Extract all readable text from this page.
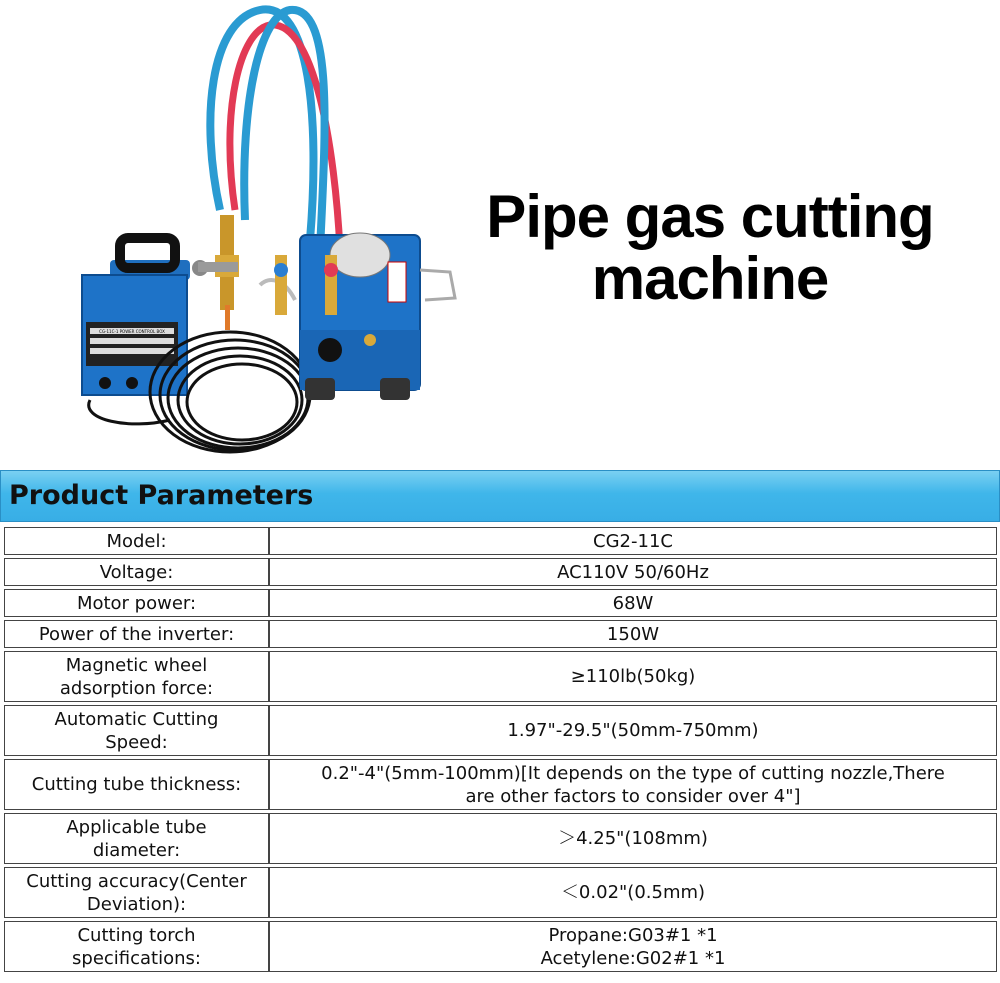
CG-11C-1 POWER CONTROL BOX
Pipe gas cutting
machine
Product Parameters
Model:	CG2-11C
Voltage:	AC110V 50/60Hz
Motor power:	68W
Power of the inverter:	150W
Magnetic wheel
adsorption force:	≥110lb(50kg)
Automatic Cutting
Speed:	1.97"-29.5"(50mm-750mm)
Cutting tube thickness:	0.2"-4"(5mm-100mm)[It depends on the type of cutting nozzle,There
are other factors to consider over 4"]
Applicable tube
diameter:	＞4.25"(108mm)
Cutting accuracy(Center
Deviation):	＜0.02"(0.5mm)
Cutting torch
specifications:	Propane:G03#1 *1
Acetylene:G02#1 *1
